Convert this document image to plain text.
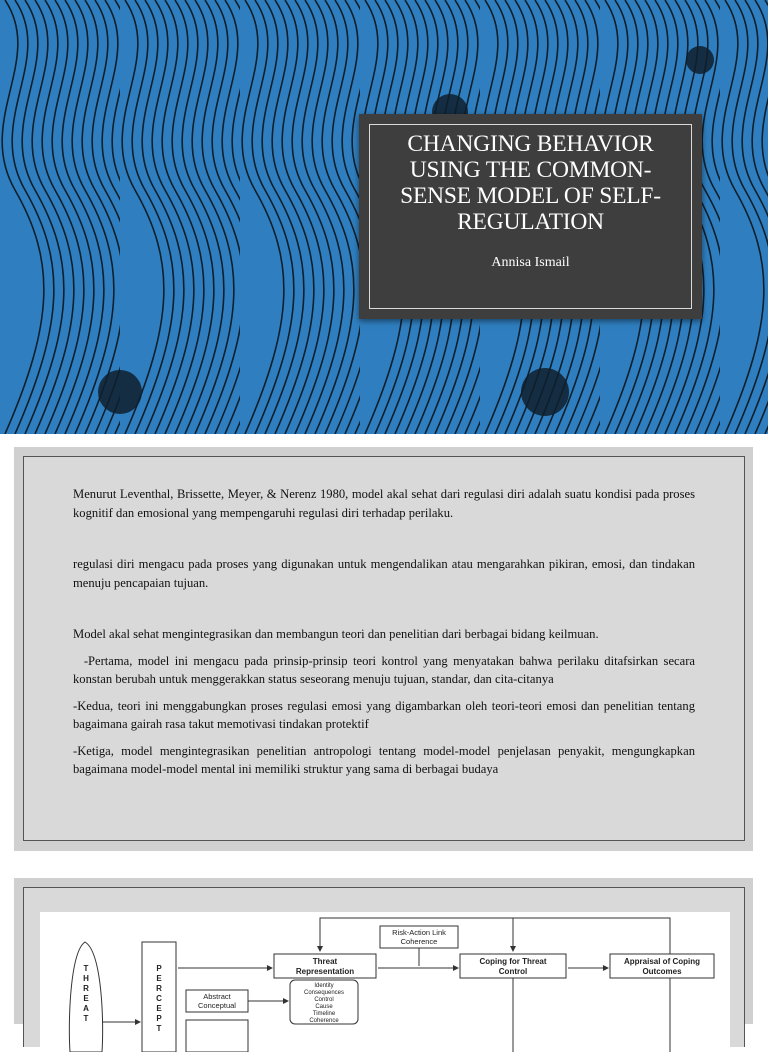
CHANGING BEHAVIOR USING THE COMMON-SENSE MODEL OF SELF-REGULATION
Annisa Ismail

Menurut Leventhal, Brissette, Meyer, & Nerenz 1980, model akal sehat dari regulasi diri adalah suatu kondisi pada proses kognitif dan emosional yang mempengaruhi regulasi diri terhadap perilaku.

regulasi diri mengacu pada proses yang digunakan untuk mengendalikan atau mengarahkan pikiran, emosi, dan tindakan menuju pencapaian tujuan.

Model akal sehat mengintegrasikan dan membangun teori dan penelitian dari berbagai bidang keilmuan.

-Pertama, model ini mengacu pada prinsip-prinsip teori kontrol yang menyatakan bahwa perilaku ditafsirkan secara konstan berubah untuk menggerakkan status seseorang menuju tujuan, standar, dan cita-citanya

-Kedua, teori ini menggabungkan proses regulasi emosi yang digambarkan oleh teori-teori emosi dan penelitian tentang bagaimana gairah rasa takut memotivasi tindakan protektif

-Ketiga, model mengintegrasikan penelitian antropologi tentang model-model penjelasan penyakit, mengungkapkan bagaimana model-model mental ini memiliki struktur yang sama di berbagai budaya

T
H
R
E
A
T
P
E
R
C
E
P
T
Risk-Action Link
Coherence
Threat
Representation
Identity
Consequences
Control
Cause
Timeline
Coherence
Coping for Threat
Control
Appraisal of Coping
Outcomes
Abstract
Conceptual
